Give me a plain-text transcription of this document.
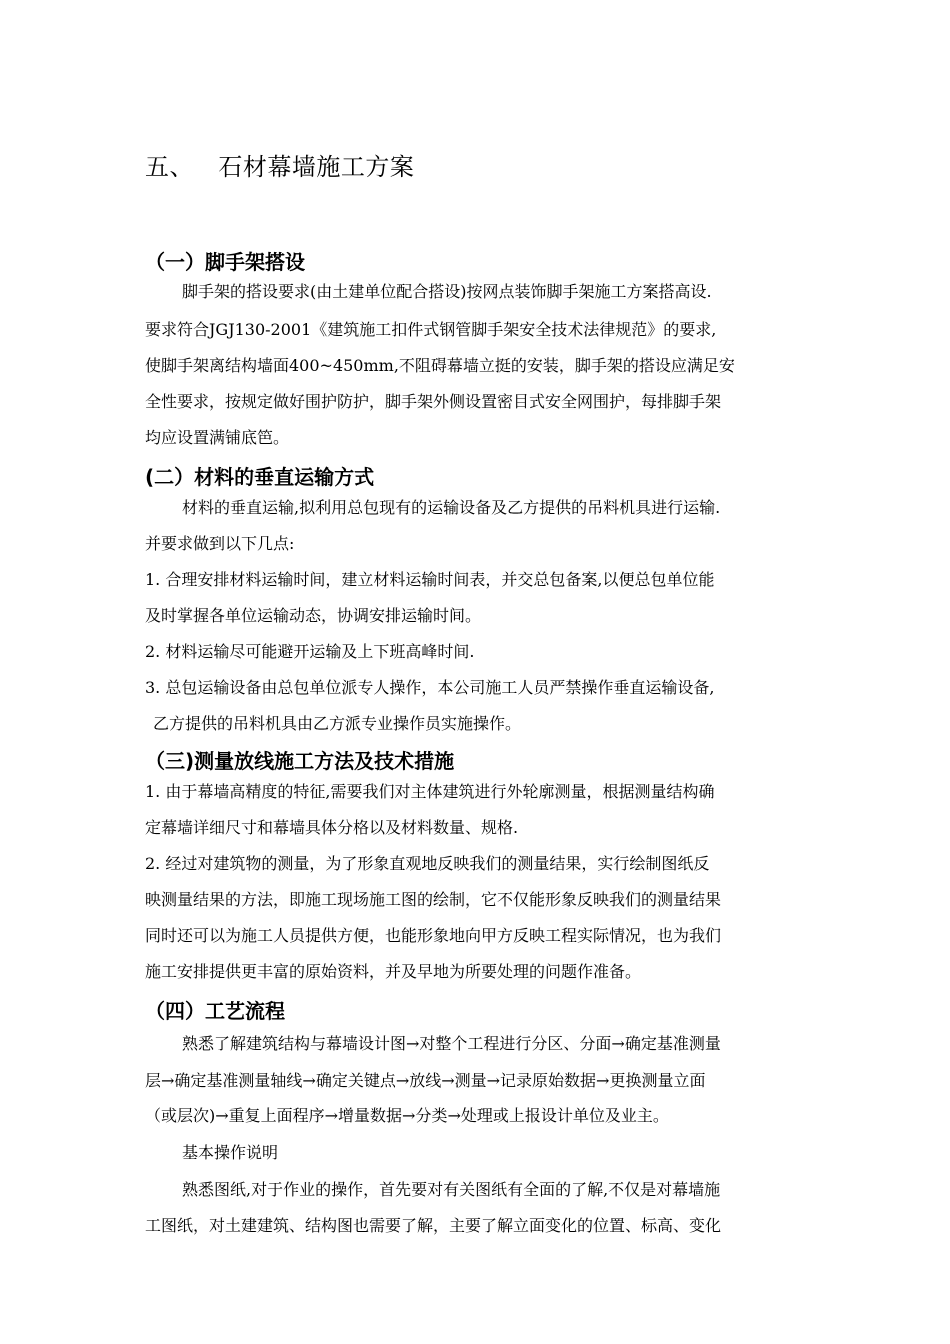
五、   石材幕墙施工方案
（一）脚手架搭设
脚手架的搭设要求(由土建单位配合搭设)按网点装饰脚手架施工方案搭高设.
要求符合JGJ130-2001《建筑施工扣件式钢管脚手架安全技术法律规范》的要求,
使脚手架离结构墙面400~450mm,不阻碍幕墙立挺的安装，脚手架的搭设应满足安
全性要求，按规定做好围护防护，脚手架外侧设置密目式安全网围护，每排脚手架
均应设置满铺底笆。
(二）材料的垂直运输方式
材料的垂直运输,拟利用总包现有的运输设备及乙方提供的吊料机具进行运输.
并要求做到以下几点:
1. 合理安排材料运输时间，建立材料运输时间表，并交总包备案,以便总包单位能
及时掌握各单位运输动态，协调安排运输时间。
2. 材料运输尽可能避开运输及上下班高峰时间.
3. 总包运输设备由总包单位派专人操作，本公司施工人员严禁操作垂直运输设备,
乙方提供的吊料机具由乙方派专业操作员实施操作。
（三)测量放线施工方法及技术措施
1. 由于幕墙高精度的特征,需要我们对主体建筑进行外轮廓测量，根据测量结构确
定幕墙详细尺寸和幕墙具体分格以及材料数量、规格.
2. 经过对建筑物的测量，为了形象直观地反映我们的测量结果，实行绘制图纸反
映测量结果的方法，即施工现场施工图的绘制，它不仅能形象反映我们的测量结果
同时还可以为施工人员提供方便，也能形象地向甲方反映工程实际情况，也为我们
施工安排提供更丰富的原始资料，并及早地为所要处理的问题作准备。
（四）工艺流程
熟悉了解建筑结构与幕墙设计图→对整个工程进行分区、分面→确定基准测量
层→确定基准测量轴线→确定关键点→放线→测量→记录原始数据→更换测量立面
（或层次)→重复上面程序→增量数据→分类→处理或上报设计单位及业主。
基本操作说明
熟悉图纸,对于作业的操作，首先要对有关图纸有全面的了解,不仅是对幕墙施
工图纸，对土建建筑、结构图也需要了解，主要了解立面变化的位置、标高、变化
